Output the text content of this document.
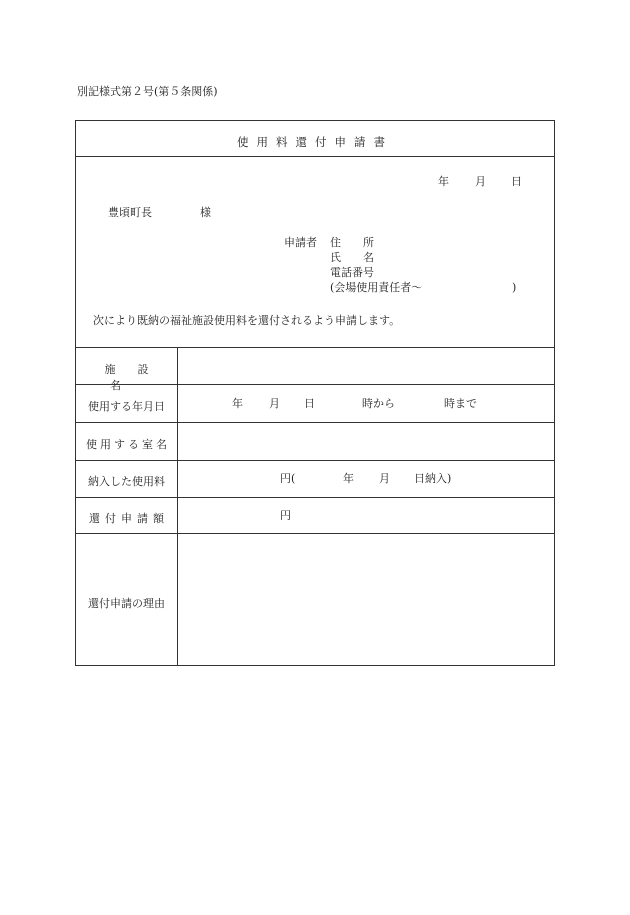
別記様式第２号(第５条関係)
使用料還付申請書
年 月 日
豊頃町長	様
申請者 住　　所
氏　　名
電話番号
(会場使用責任者～	)
次により既納の福祉施設使用料を還付されるよう申請します。
施設名
使用する年月日	年 月 日	時から	時まで
使用する室名
納入した使用料	円(	年 月 日納入)
還付申請額	円
還付申請の理由
